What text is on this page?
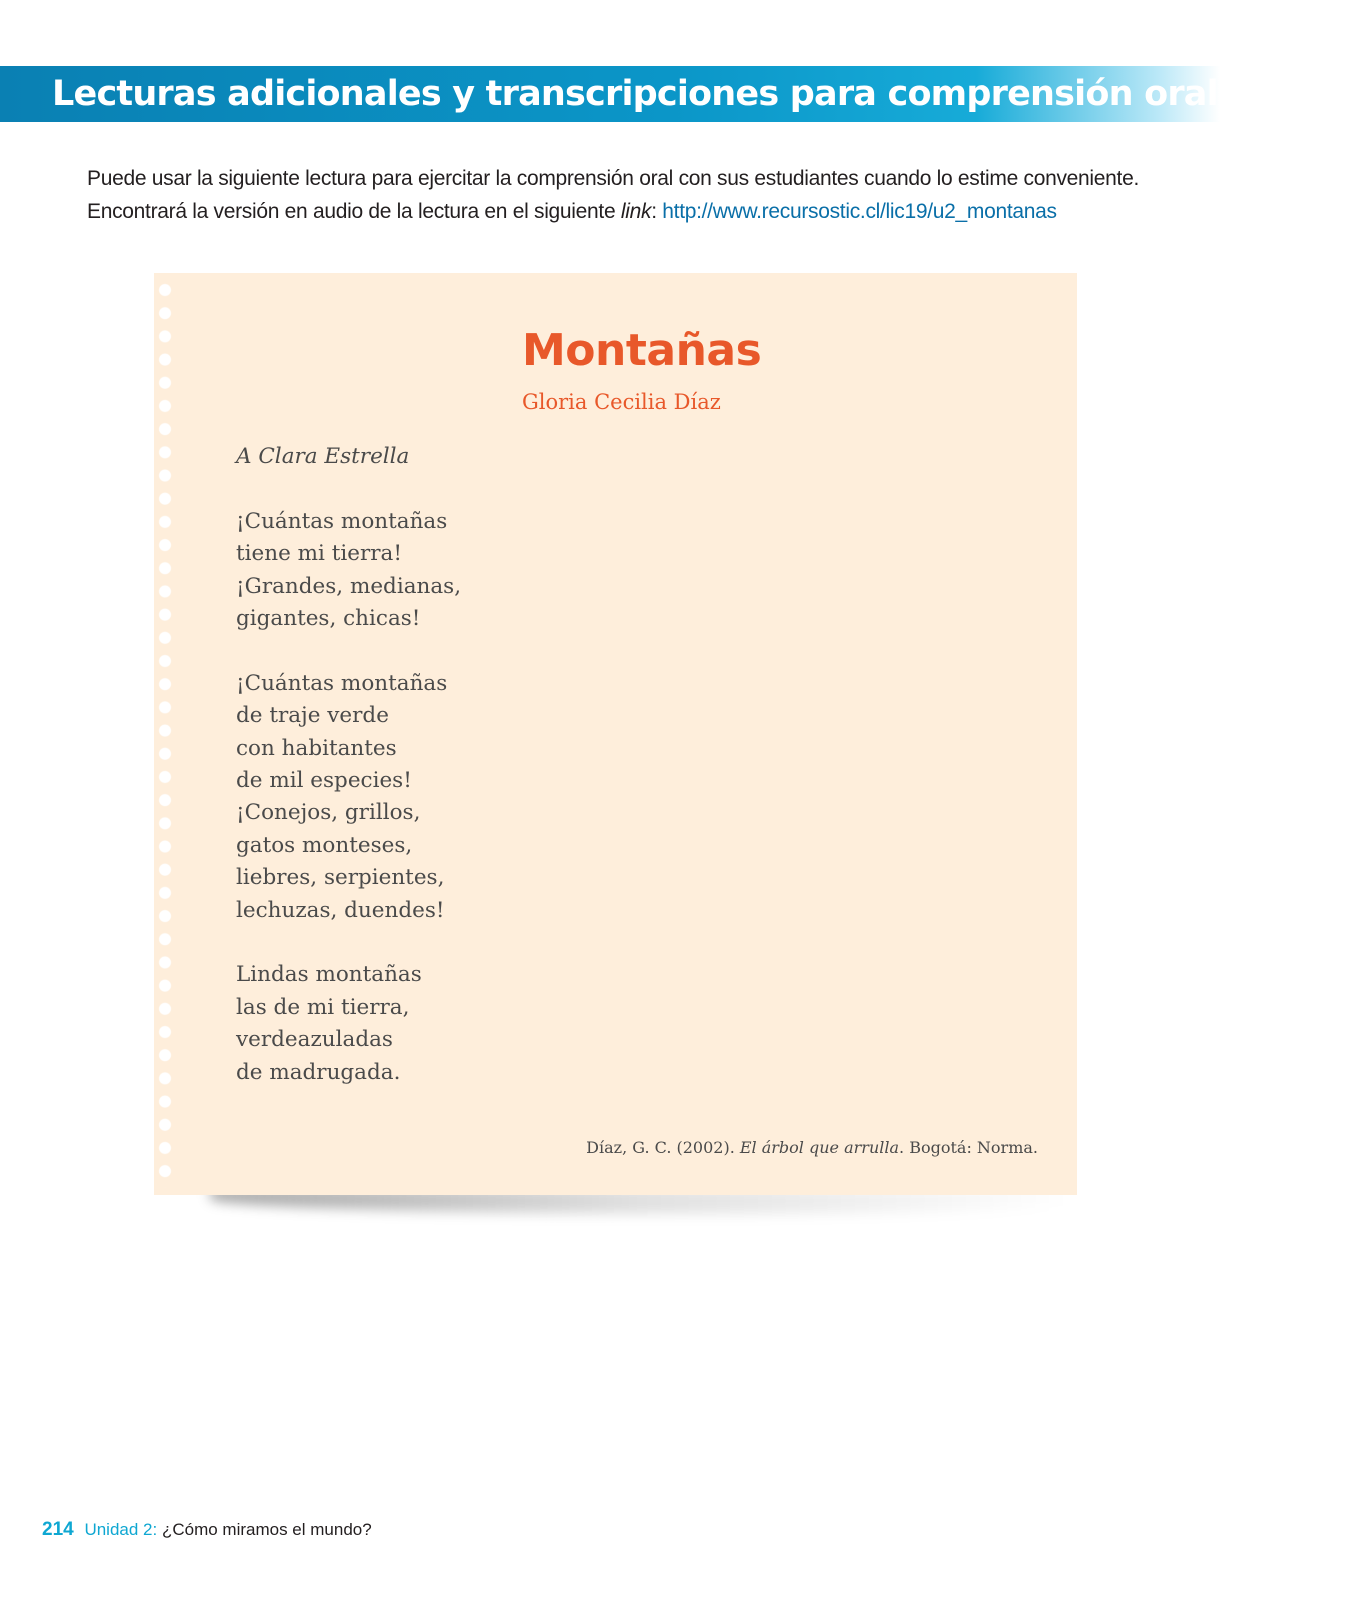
Lecturas adicionales y transcripciones para comprensión oral

Puede usar la siguiente lectura para ejercitar la comprensión oral con sus estudiantes cuando lo estime conveniente.

Encontrará la versión en audio de la lectura en el siguiente link: http://www.recursostic.cl/lic19/u2_montanas

Montañas
Gloria Cecilia Díaz
A Clara Estrella
¡Cuántas montañas
tiene mi tierra!
¡Grandes, medianas,
gigantes, chicas!
¡Cuántas montañas
de traje verde
con habitantes
de mil especies!
¡Conejos, grillos,
gatos monteses,
liebres, serpientes,
lechuzas, duendes!
Lindas montañas
las de mi tierra,
verdeazuladas
de madrugada.
Díaz, G. C. (2002). El árbol que arrulla. Bogotá: Norma.
214 Unidad 2: ¿Cómo miramos el mundo?
